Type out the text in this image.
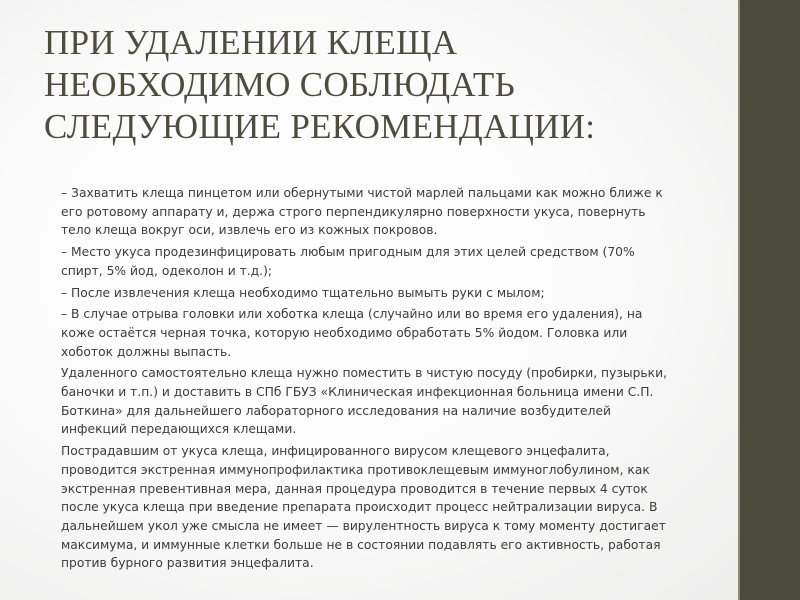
ПРИ УДАЛЕНИИ КЛЕЩА
НЕОБХОДИМО СОБЛЮДАТЬ
СЛЕДУЮЩИЕ РЕКОМЕНДАЦИИ:
– Захватить клеща пинцетом или обернутыми чистой марлей пальцами как можно ближе к
его ротовому аппарату и, держа строго перпендикулярно поверхности укуса, повернуть
тело клеща вокруг оси, извлечь его из кожных покровов.
– Место укуса продезинфицировать любым пригодным для этих целей средством (70%
спирт, 5% йод, одеколон и т.д.);
– После извлечения клеща необходимо тщательно вымыть руки с мылом;
– В случае отрыва головки или хоботка клеща (случайно или во время его удаления), на
коже остаётся черная точка, которую необходимо обработать 5% йодом. Головка или
хоботок должны выпасть.
Удаленного самостоятельно клеща нужно поместить в чистую посуду (пробирки, пузырьки,
баночки и т.п.) и доставить в СПб ГБУЗ «Клиническая инфекционная больница имени С.П.
Боткина» для дальнейшего лабораторного исследования на наличие возбудителей
инфекций передающихся клещами.
Пострадавшим от укуса клеща, инфицированного вирусом клещевого энцефалита,
проводится экстренная иммунопрофилактика противоклещевым иммуноглобулином, как
экстренная превентивная мера, данная процедура проводится в течение первых 4 суток
после укуса клеща при введение препарата происходит процесс нейтрализации вируса. В
дальнейшем укол уже смысла не имеет — вирулентность вируса к тому моменту достигает
максимума, и иммунные клетки больше не в состоянии подавлять его активность, работая
против бурного развития энцефалита.
